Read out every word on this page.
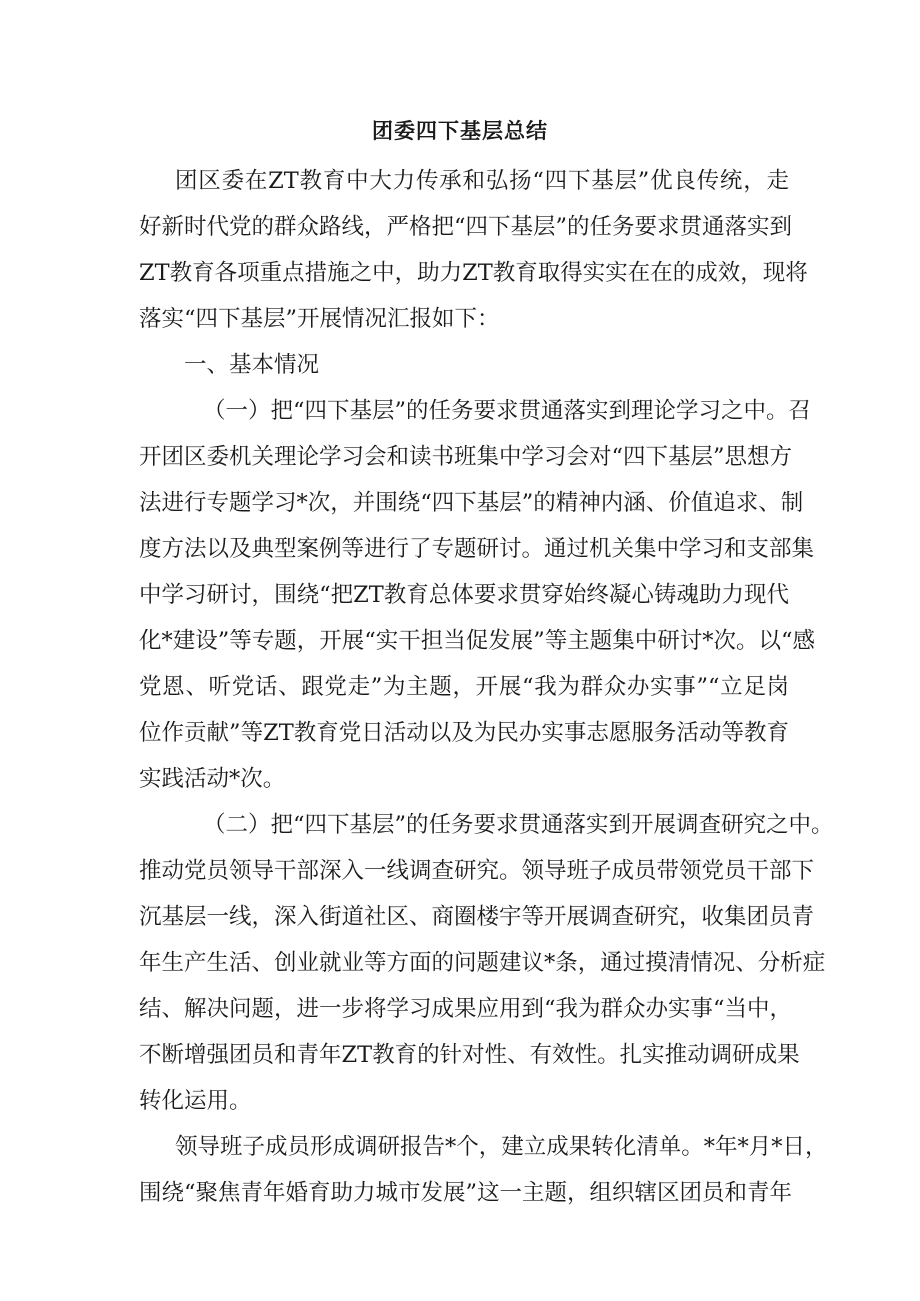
团委四下基层总结
团区委在ZT教育中大力传承和弘扬“四下基层”优良传统，走
好新时代党的群众路线，严格把“四下基层”的任务要求贯通落实到
ZT教育各项重点措施之中，助力ZT教育取得实实在在的成效，现将
落实“四下基层”开展情况汇报如下：
一、基本情况
（一）把“四下基层”的任务要求贯通落实到理论学习之中。召
开团区委机关理论学习会和读书班集中学习会对“四下基层”思想方
法进行专题学习*次，并围绕“四下基层”的精神内涵、价值追求、制
度方法以及典型案例等进行了专题研讨。通过机关集中学习和支部集
中学习研讨，围绕“把ZT教育总体要求贯穿始终凝心铸魂助力现代
化*建设”等专题，开展“实干担当促发展”等主题集中研讨*次。以“感
党恩、听党话、跟党走”为主题，开展“我为群众办实事”“立足岗
位作贡献”等ZT教育党日活动以及为民办实事志愿服务活动等教育
实践活动*次。
（二）把“四下基层”的任务要求贯通落实到开展调查研究之中。
推动党员领导干部深入一线调查研究。领导班子成员带领党员干部下
沉基层一线，深入街道社区、商圈楼宇等开展调查研究，收集团员青
年生产生活、创业就业等方面的问题建议*条，通过摸清情况、分析症
结、解决问题，进一步将学习成果应用到“我为群众办实事“当中，
不断增强团员和青年ZT教育的针对性、有效性。扎实推动调研成果
转化运用。
领导班子成员形成调研报告*个，建立成果转化清单。*年*月*日，
围绕“聚焦青年婚育助力城市发展”这一主题，组织辖区团员和青年
